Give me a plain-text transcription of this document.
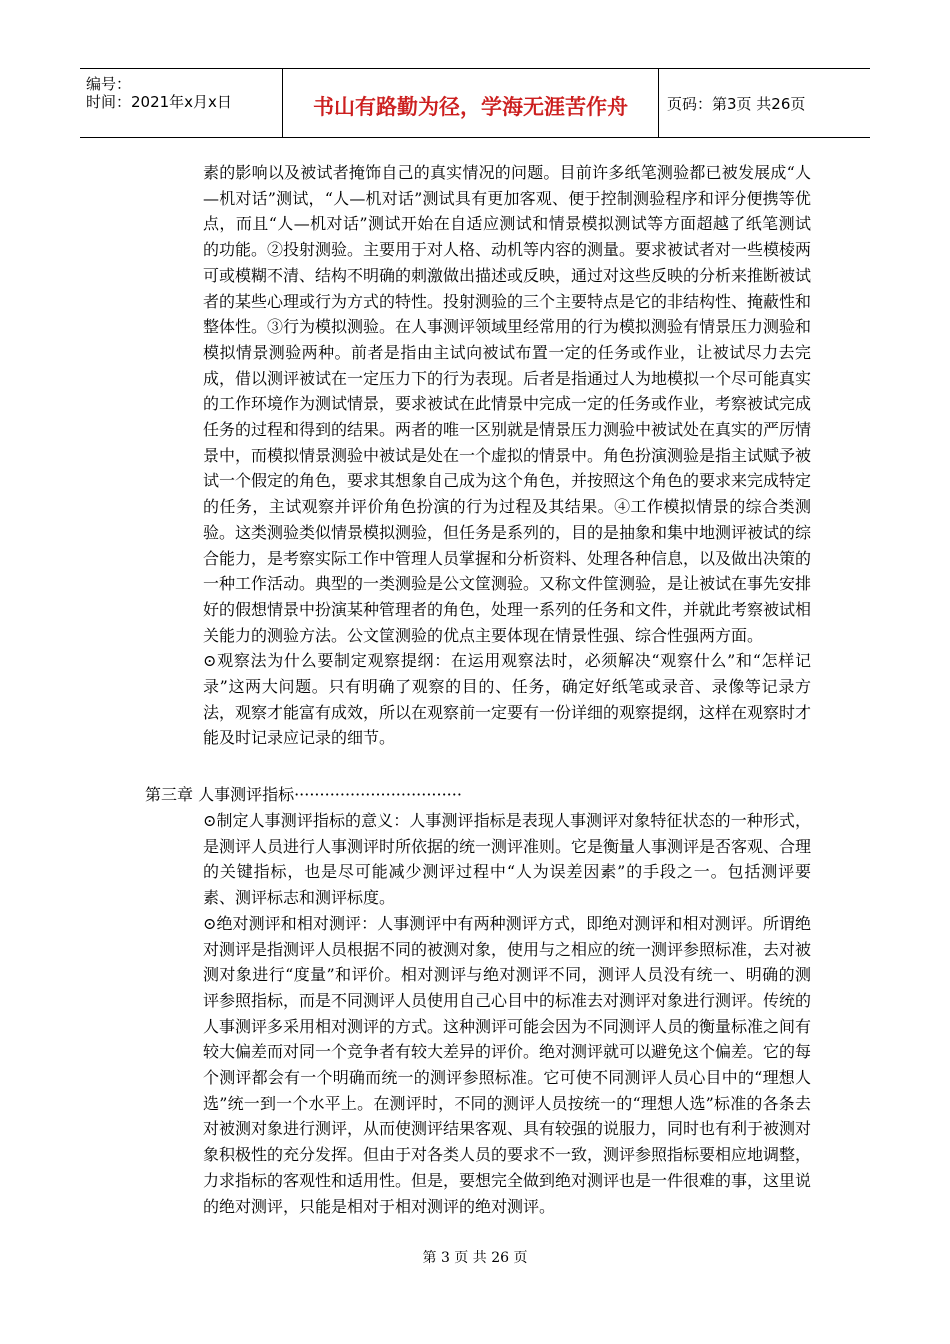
编号：
时间：2021年x月x日	书山有路勤为径，学海无涯苦作舟	页码：第3页 共26页

素的影响以及被试者掩饰自己的真实情况的问题。目前许多纸笔测验都已被发展成“人—机对话”测试，“人—机对话”测试具有更加客观、便于控制测验程序和评分便携等优点，而且“人—机对话”测试开始在自适应测试和情景模拟测试等方面超越了纸笔测试的功能。②投射测验。主要用于对人格、动机等内容的测量。要求被试者对一些模棱两可或模糊不清、结构不明确的刺激做出描述或反映，通过对这些反映的分析来推断被试者的某些心理或行为方式的特性。投射测验的三个主要特点是它的非结构性、掩蔽性和整体性。③行为模拟测验。在人事测评领域里经常用的行为模拟测验有情景压力测验和模拟情景测验两种。前者是指由主试向被试布置一定的任务或作业，让被试尽力去完成，借以测评被试在一定压力下的行为表现。后者是指通过人为地模拟一个尽可能真实的工作环境作为测试情景，要求被试在此情景中完成一定的任务或作业，考察被试完成任务的过程和得到的结果。两者的唯一区别就是情景压力测验中被试处在真实的严厉情景中，而模拟情景测验中被试是处在一个虚拟的情景中。角色扮演测验是指主试赋予被试一个假定的角色，要求其想象自己成为这个角色，并按照这个角色的要求来完成特定的任务，主试观察并评价角色扮演的行为过程及其结果。④工作模拟情景的综合类测验。这类测验类似情景模拟测验，但任务是系列的，目的是抽象和集中地测评被试的综合能力，是考察实际工作中管理人员掌握和分析资料、处理各种信息，以及做出决策的一种工作活动。典型的一类测验是公文筐测验。又称文件筐测验，是让被试在事先安排好的假想情景中扮演某种管理者的角色，处理一系列的任务和文件，并就此考察被试相关能力的测验方法。公文筐测验的优点主要体现在情景性强、综合性强两方面。

⊙观察法为什么要制定观察提纲：在运用观察法时，必须解决“观察什么”和“怎样记录”这两大问题。只有明确了观察的目的、任务，确定好纸笔或录音、录像等记录方法，观察才能富有成效，所以在观察前一定要有一份详细的观察提纲，这样在观察时才能及时记录应记录的细节。

第三章 人事测评指标·································

⊙制定人事测评指标的意义：人事测评指标是表现人事测评对象特征状态的一种形式，是测评人员进行人事测评时所依据的统一测评准则。它是衡量人事测评是否客观、合理的关键指标，也是尽可能减少测评过程中“人为误差因素”的手段之一。包括测评要素、测评标志和测评标度。

⊙绝对测评和相对测评：人事测评中有两种测评方式，即绝对测评和相对测评。所谓绝对测评是指测评人员根据不同的被测对象，使用与之相应的统一测评参照标准，去对被测对象进行“度量”和评价。相对测评与绝对测评不同，测评人员没有统一、明确的测评参照指标，而是不同测评人员使用自己心目中的标准去对测评对象进行测评。传统的人事测评多采用相对测评的方式。这种测评可能会因为不同测评人员的衡量标准之间有较大偏差而对同一个竞争者有较大差异的评价。绝对测评就可以避免这个偏差。它的每个测评都会有一个明确而统一的测评参照标准。它可使不同测评人员心目中的“理想人选”统一到一个水平上。在测评时，不同的测评人员按统一的“理想人选”标准的各条去对被测对象进行测评，从而使测评结果客观、具有较强的说服力，同时也有利于被测对象积极性的充分发挥。但由于对各类人员的要求不一致，测评参照指标要相应地调整，力求指标的客观性和适用性。但是，要想完全做到绝对测评也是一件很难的事，这里说的绝对测评，只能是相对于相对测评的绝对测评。

第 3 页 共 26 页
